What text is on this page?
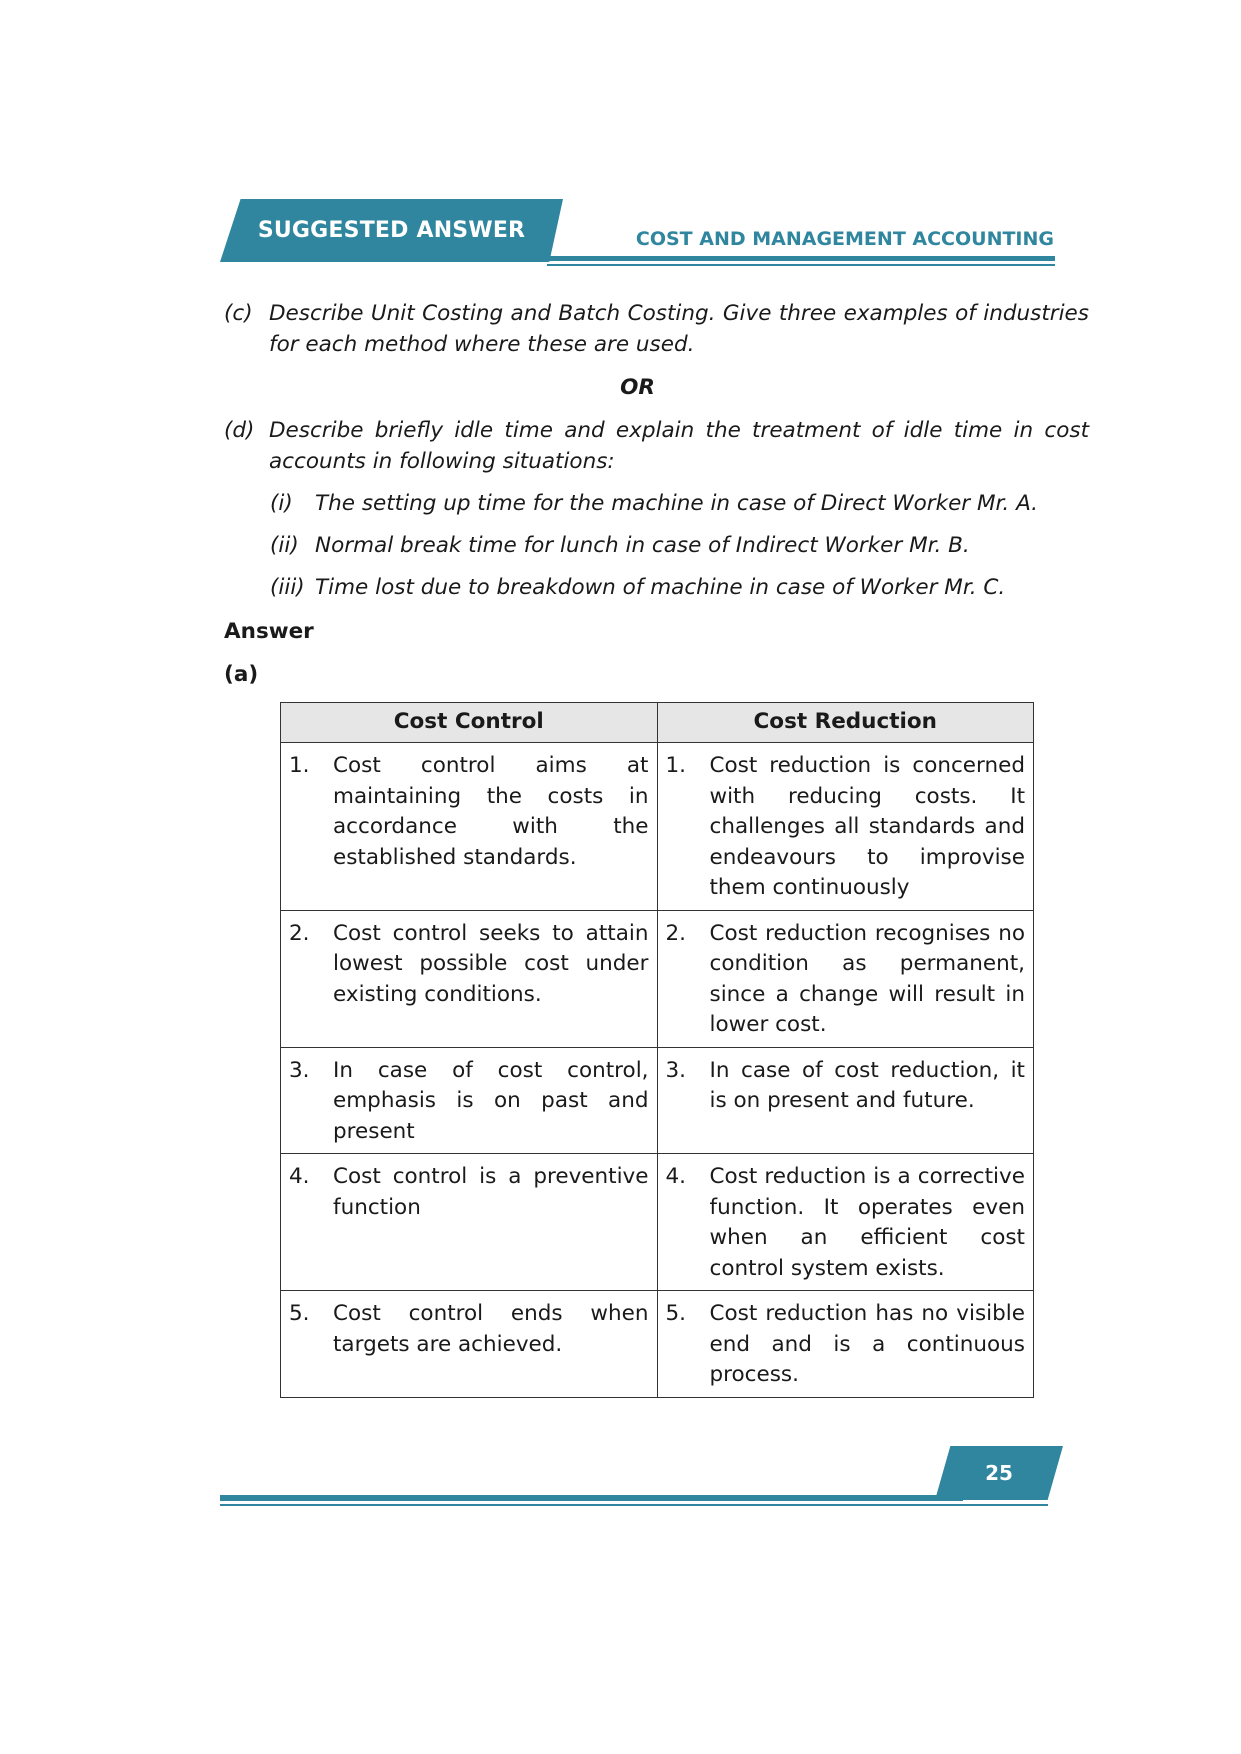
SUGGESTED ANSWER	COST AND MANAGEMENT ACCOUNTING
(c) Describe Unit Costing and Batch Costing. Give three examples of industries for each method where these are used.
OR
(d) Describe briefly idle time and explain the treatment of idle time in cost accounts in following situations:
(i) The setting up time for the machine in case of Direct Worker Mr. A.
(ii) Normal break time for lunch in case of Indirect Worker Mr. B.
(iii) Time lost due to breakdown of machine in case of Worker Mr. C.
Answer
(a)
Cost Control	Cost Reduction

1. Cost control aims at maintaining the costs in accordance with the established standards.	1. Cost reduction is concerned with reducing costs. It challenges all standards and endeavours to improvise them continuously

2. Cost control seeks to attain lowest possible cost under existing conditions.	2. Cost reduction recognises no condition as permanent, since a change will result in lower cost.

3. In case of cost control, emphasis is on past and present	3. In case of cost reduction, it is on present and future.

4. Cost control is a preventive function	4. Cost reduction is a corrective function. It operates even when an efficient cost control system exists.

5. Cost control ends when targets are achieved.	5. Cost reduction has no visible end and is a continuous process.
25
